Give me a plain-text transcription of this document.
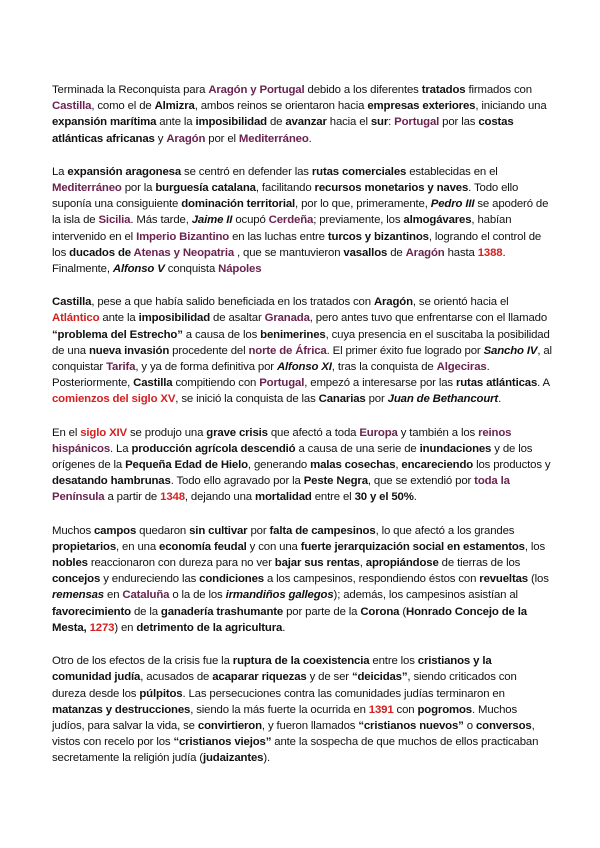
Terminada la Reconquista para Aragón y Portugal debido a los diferentes tratados firmados con Castilla, como el de Almizra, ambos reinos se orientaron hacia empresas exteriores, iniciando una expansión marítima ante la imposibilidad de avanzar hacia el sur: Portugal por las costas atlánticas africanas y Aragón por el Mediterráneo.

La expansión aragonesa se centró en defender las rutas comerciales establecidas en el Mediterráneo por la burguesía catalana, facilitando recursos monetarios y naves. Todo ello suponía una consiguiente dominación territorial, por lo que, primeramente, Pedro III se apoderó de la isla de Sicilia. Más tarde, Jaime II ocupó Cerdeña; previamente, los almogávares, habían intervenido en el Imperio Bizantino en las luchas entre turcos y bizantinos, logrando el control de los ducados de Atenas y Neopatria , que se mantuvieron vasallos de Aragón hasta 1388. Finalmente, Alfonso V conquista Nápoles

Castilla, pese a que había salido beneficiada en los tratados con Aragón, se orientó hacia el Atlántico ante la imposibilidad de asaltar Granada, pero antes tuvo que enfrentarse con el llamado “problema del Estrecho” a causa de los benimerines, cuya presencia en el suscitaba la posibilidad de una nueva invasión procedente del norte de África. El primer éxito fue logrado por Sancho IV, al conquistar Tarifa, y ya de forma definitiva por Alfonso XI, tras la conquista de Algeciras. Posteriormente, Castilla compitiendo con Portugal, empezó a interesarse por las rutas atlánticas. A comienzos del siglo XV, se inició la conquista de las Canarias por Juan de Bethancourt.

En el siglo XIV se produjo una grave crisis que afectó a toda Europa y también a los reinos hispánicos. La producción agrícola descendió a causa de una serie de inundaciones y de los orígenes de la Pequeña Edad de Hielo, generando malas cosechas, encareciendo los productos y desatando hambrunas. Todo ello agravado por la Peste Negra, que se extendió por toda la Península a partir de 1348, dejando una mortalidad entre el 30 y el 50%.

Muchos campos quedaron sin cultivar por falta de campesinos, lo que afectó a los grandes propietarios, en una economía feudal y con una fuerte jerarquización social en estamentos, los nobles reaccionaron con dureza para no ver bajar sus rentas, apropiándose de tierras de los concejos y endureciendo las condiciones a los campesinos, respondiendo éstos con revueltas (los remensas en Cataluña o la de los irmandiños gallegos); además, los campesinos asistían al favorecimiento de la ganadería trashumante por parte de la Corona (Honrado Concejo de la Mesta, 1273) en detrimento de la agricultura.

Otro de los efectos de la crisis fue la ruptura de la coexistencia entre los cristianos y la comunidad judía, acusados de acaparar riquezas y de ser “deicidas”, siendo criticados con dureza desde los púlpitos. Las persecuciones contra las comunidades judías terminaron en matanzas y destrucciones, siendo la más fuerte la ocurrida en 1391 con pogromos. Muchos judíos, para salvar la vida, se convirtieron, y fueron llamados “cristianos nuevos” o conversos, vistos con recelo por los “cristianos viejos” ante la sospecha de que muchos de ellos practicaban secretamente la religión judía (judaizantes).
